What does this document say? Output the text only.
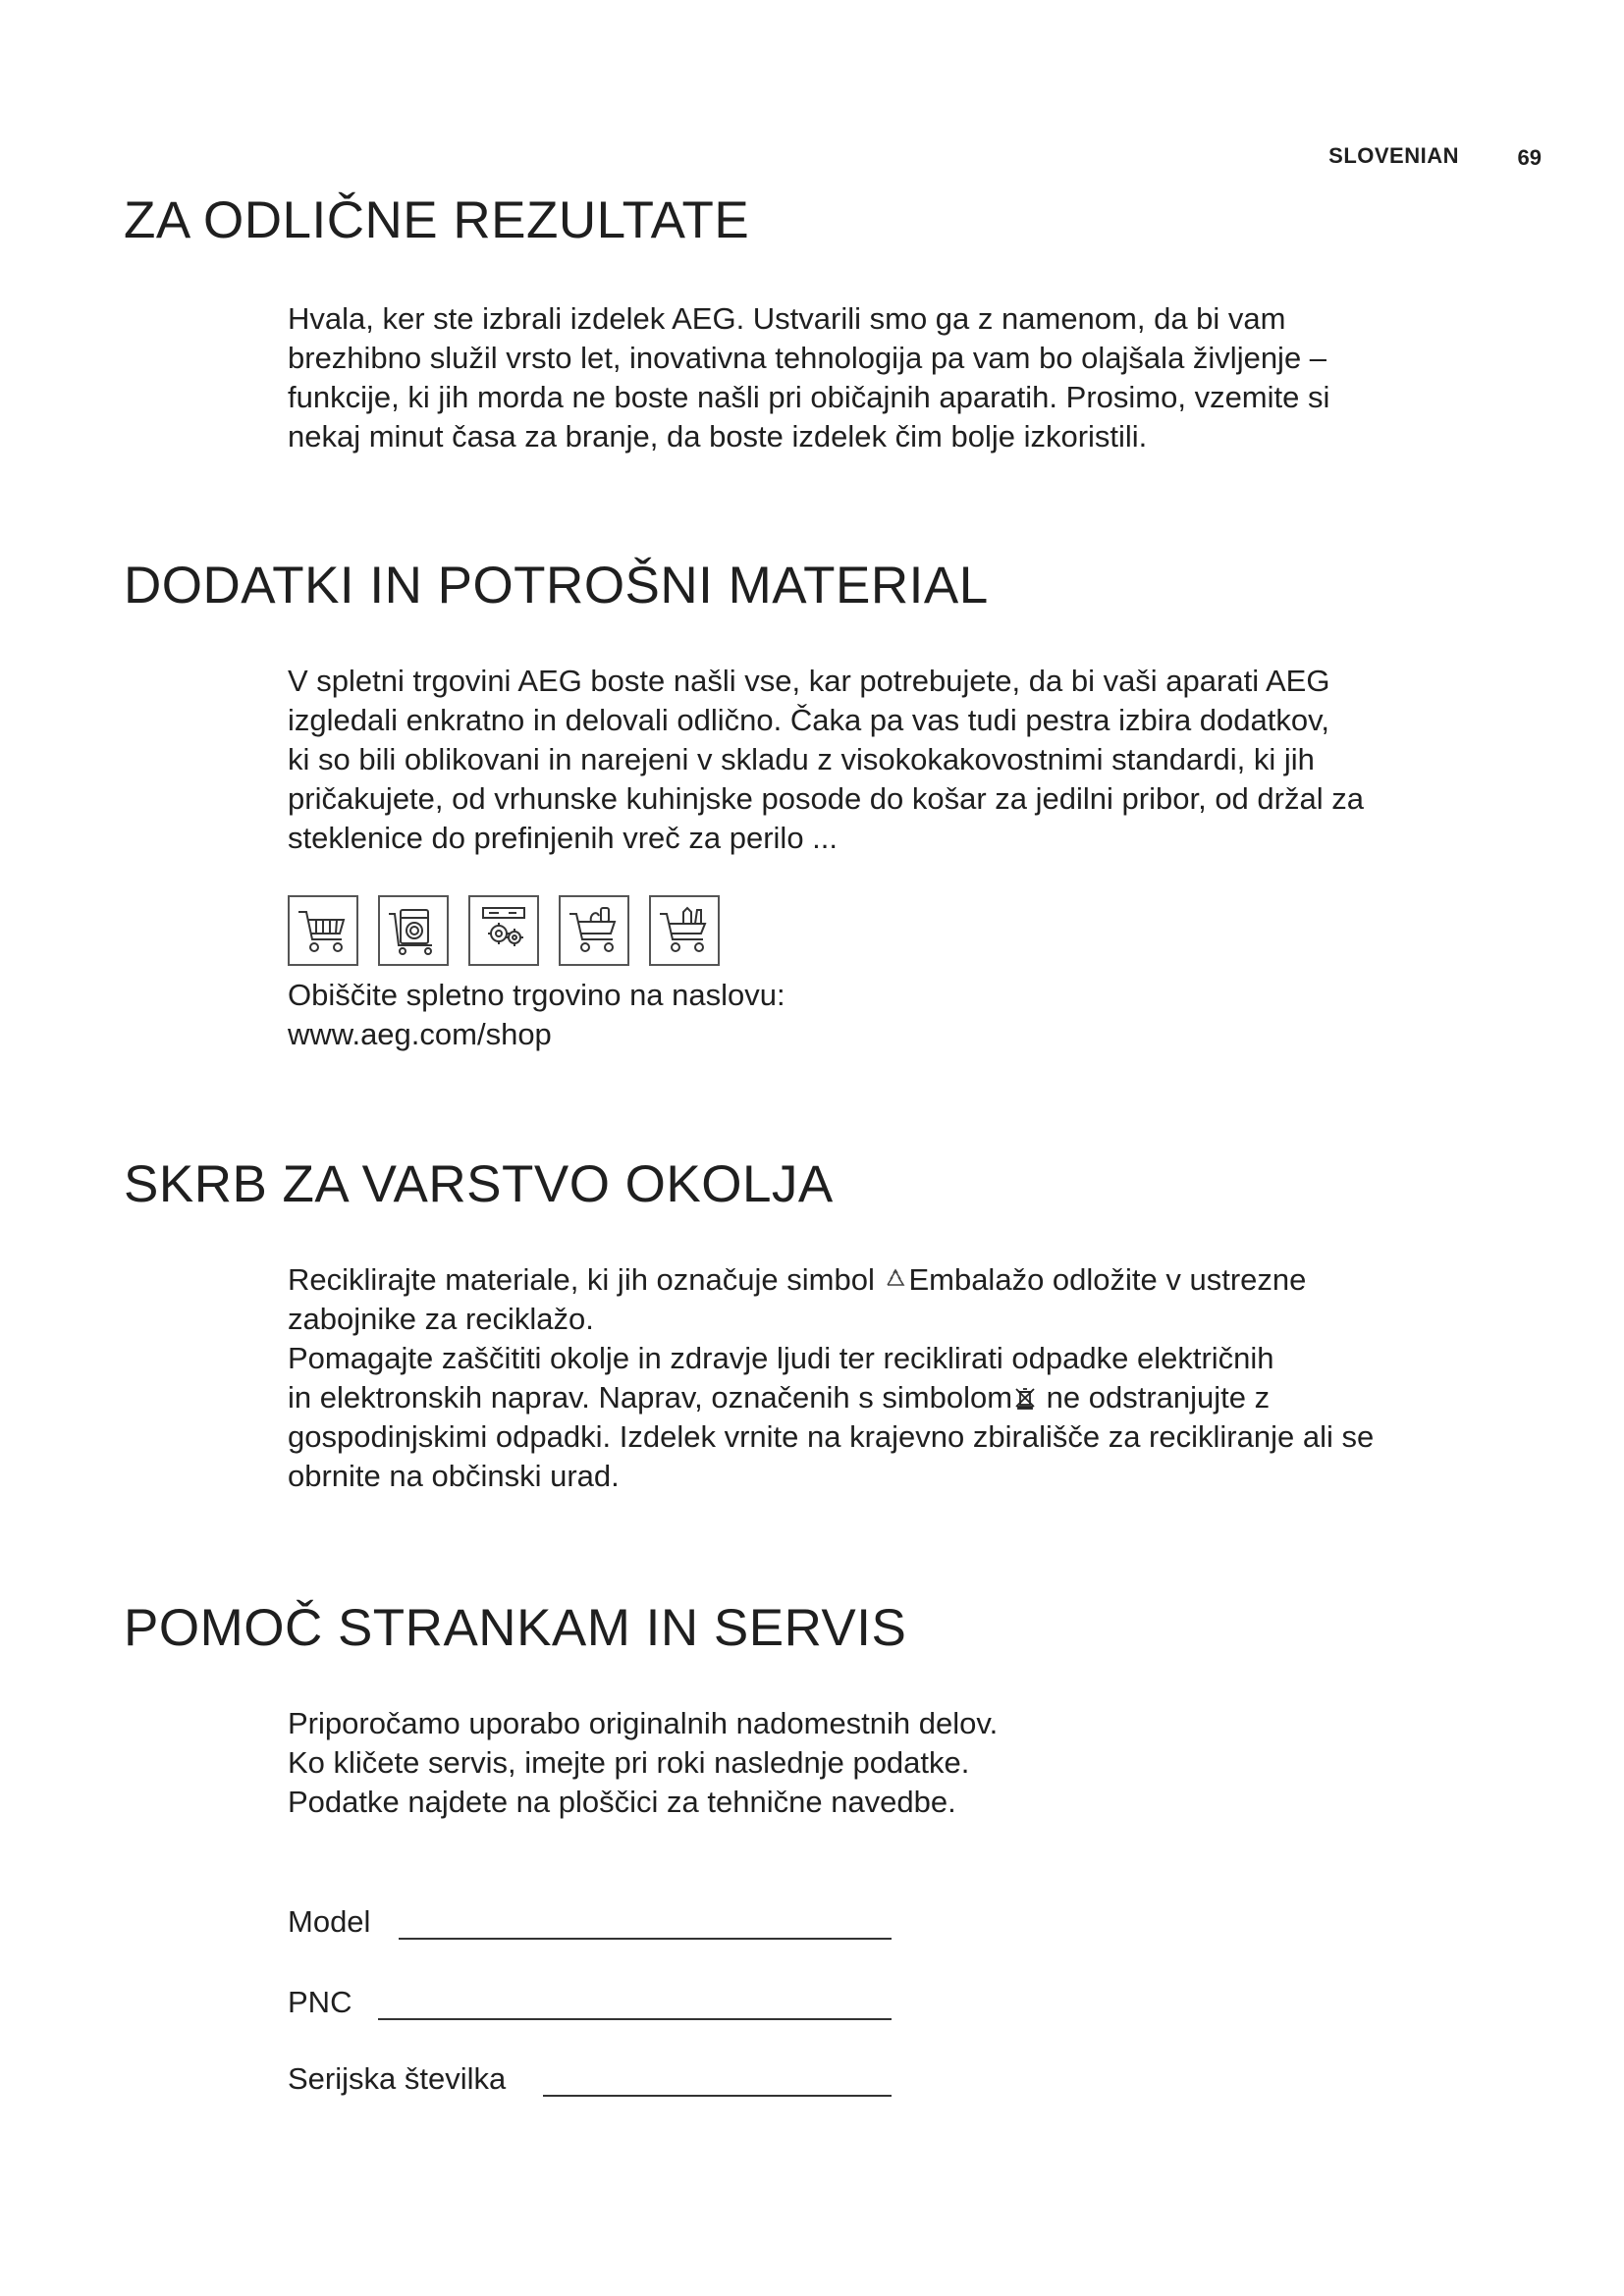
SLOVENIAN	69
ZA ODLIČNE REZULTATE

Hvala, ker ste izbrali izdelek AEG. Ustvarili smo ga z namenom, da bi vam
brezhibno služil vrsto let, inovativna tehnologija pa vam bo olajšala življenje –
funkcije, ki jih morda ne boste našli pri običajnih aparatih. Prosimo, vzemite si
nekaj minut časa za branje, da boste izdelek čim bolje izkoristili.

DODATKI IN POTROŠNI MATERIAL

V spletni trgovini AEG boste našli vse, kar potrebujete, da bi vaši aparati AEG
izgledali enkratno in delovali odlično. Čaka pa vas tudi pestra izbira dodatkov,
ki so bili oblikovani in narejeni v skladu z visokokakovostnimi standardi, ki jih
pričakujete, od vrhunske kuhinjske posode do košar za jedilni pribor, od držal za
steklenice do prefinjenih vreč za perilo ...

Obiščite spletno trgovino na naslovu:
www.aeg.com/shop

SKRB ZA VARSTVO OKOLJA

Reciklirajte materiale, ki jih označuje simbol Embalažo odložite v ustrezne
zabojnike za reciklažo.
Pomagajte zaščititi okolje in zdravje ljudi ter reciklirati odpadke električnih
in elektronskih naprav. Naprav, označenih s simbolom ne odstranjujte z
gospodinjskimi odpadki. Izdelek vrnite na krajevno zbirališče za recikliranje ali se
obrnite na občinski urad.

POMOČ STRANKAM IN SERVIS

Priporočamo uporabo originalnih nadomestnih delov.
Ko kličete servis, imejte pri roki naslednje podatke.
Podatke najdete na ploščici za tehnične navedbe.

Model
PNC
Serijska številka
